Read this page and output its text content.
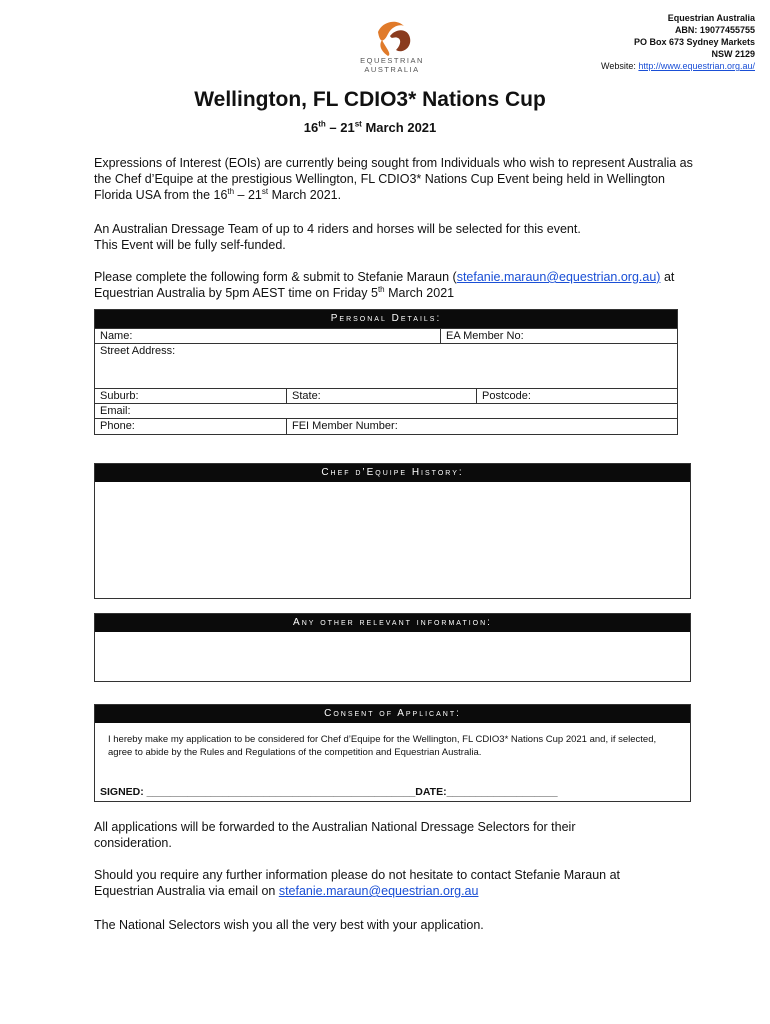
Equestrian Australia
ABN: 19077455755
PO Box 673 Sydney Markets
NSW 2129
Website: http://www.equestrian.org.au/
EQUESTRIAN
AUSTRALIA
Wellington, FL CDIO3* Nations Cup
16th – 21st March 2021
Expressions of Interest (EOIs) are currently being sought from Individuals who wish to represent Australia as the Chef d’Equipe at the prestigious Wellington, FL CDIO3* Nations Cup Event being held in Wellington Florida USA from the 16th – 21st March 2021.
An Australian Dressage Team of up to 4 riders and horses will be selected for this event.
This Event will be fully self-funded.
Please complete the following form & submit to Stefanie Maraun (stefanie.maraun@equestrian.org.au) at Equestrian Australia by 5pm AEST time on Friday 5th March 2021
Personal Details:
Name:	EA Member No:
Street Address:
Suburb:	State:	Postcode:
Email:
Phone:	FEI Member Number:
Chef d’Equipe History:
Any other relevant information:
Consent of Applicant:
I hereby make my application to be considered for Chef d’Equipe for the Wellington, FL CDIO3* Nations Cup 2021 and, if selected, agree to abide by the Rules and Regulations of the competition and Equestrian Australia.
SIGNED: ______________________________________________DATE:___________________
All applications will be forwarded to the Australian National Dressage Selectors for their consideration.
Should you require any further information please do not hesitate to contact Stefanie Maraun at Equestrian Australia via email on stefanie.maraun@equestrian.org.au
The National Selectors wish you all the very best with your application.
